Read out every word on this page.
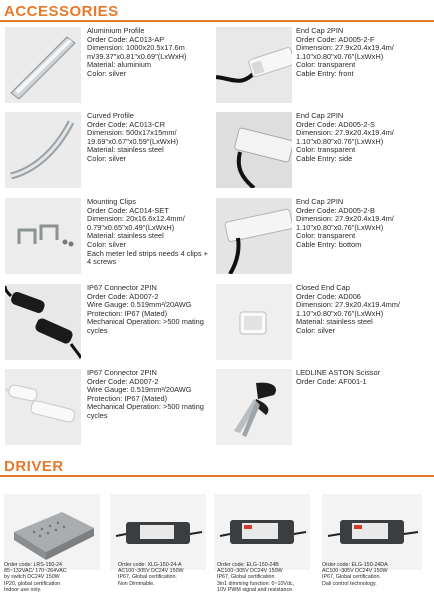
ACCESSORIES
Aluminium Profile
Order Code: AC013-AP
Dimension: 1000x20.5x17.6m
m/39.37"x0.81"x0.69"(LxWxH)
Material: aluminium
Color: silver
End Cap 2PIN
Order Code: AD005-2-F
Dimension: 27.9x20.4x19.4m/
1.10"x0.80"x0.76"(LxWxH)
Color: transparent
Cable Entry: front
Curved Profile
Order Code: AC013-CR
Dimension: 500x17x15mm/
19.69"x0.67"x0.59"(LxWxH)
Material: stainless steel
Color: silver
End Cap 2PIN
Order Code: AD005-2-S
Dimension: 27.9x20.4x19.4m/
1.10"x0.80"x0.76"(LxWxH)
Color: transparent
Cable Entry: side
Mounting Clips
Order Code: AC014-SET
Dimension: 20x16.6x12.4mm/
0.79"x0.65"x0.49"(LxWxH)
Material: stainless steel
Color: silver
Each meter led strips needs 4 clips + 4 screws
End Cap 2PIN
Order Code: AD005-2-B
Dimension: 27.9x20.4x19.4m/
1.10"x0.80"x0.76"(LxWxH)
Color: transparent
Cable Entry: bottom
IP67 Connector 2PIN
Order Code: AD007-2
Wire Gauge: 0.519mm²/20AWG
Protection: IP67 (Mated)
Mechanical Operation: >500 mating cycles
Closed End Cap
Order Code: AD006
Dimension: 27.9x20.4x19.4mm/
1.10"x0.80"x0.76"(LxWxH)
Material: stainless steel
Color: silver
IP67 Connector 2PIN
Order Code: AD007-2
Wire Gauge: 0.519mm²/20AWG
Protection: IP67 (Mated)
Mechanical Operation: >500 mating cycles
LEDLINE ASTON Scissor
Order Code: AF001-1
DRIVER
Order code: LRS-150-24
85~132VAC/ 170~264VAC
by switch DC24V 150W
IP20, global certification
Indoor use only.
Order code: XLG-150-24-A
AC100~305V DC24V 150W
IP67, Global certification.
Non Dimmable.
Order code: ELG-150-24B
AC100~305V DC24V 150W
IP67, Global certification
3in1 dimming function: 0~10Vdc,
10V PWM signal and resistance.
Order code: ELG-150-24DA
AC100~305V DC24V 150W
IP67, Global certification.
Dali control technology.
